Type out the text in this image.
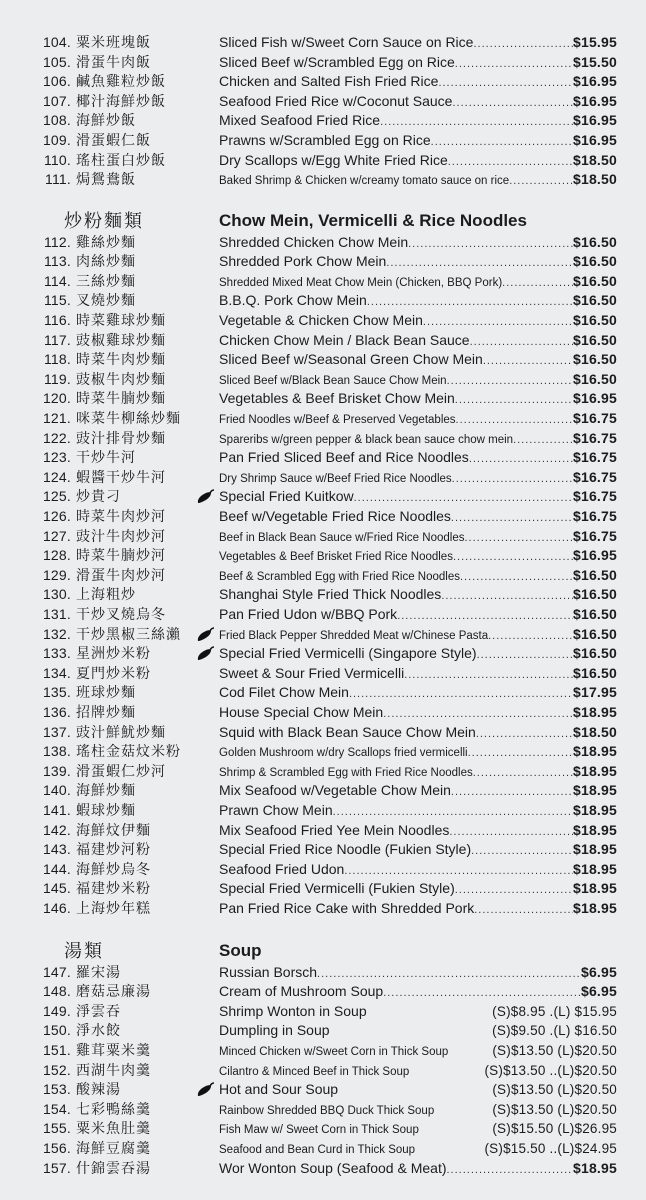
104. 粟米班塊飯	Sliced Fish w/Sweet Corn Sauce on Rice .....	$15.95
105. 滑蛋牛肉飯	Sliced Beef w/Scrambled Egg on Rice .....	$15.50
106. 鹹魚雞粒炒飯	Chicken and Salted Fish Fried Rice .....	$16.95
107. 椰汁海鮮炒飯	Seafood Fried Rice w/Coconut Sauce .....	$16.95
108. 海鮮炒飯	Mixed Seafood Fried Rice .....	$16.95
109. 滑蛋蝦仁飯	Prawns w/Scrambled Egg on Rice .....	$16.95
110. 瑤柱蛋白炒飯	Dry Scallops w/Egg White Fried Rice .....	$18.50
111. 焗鴛鴦飯	Baked Shrimp & Chicken w/creamy tomato sauce on rice .....	$18.50
炒粉麵類	Chow Mein, Vermicelli & Rice Noodles
112. 雞絲炒麵	Shredded Chicken Chow Mein .....	$16.50
113. 肉絲炒麵	Shredded Pork Chow Mein .....	$16.50
114. 三絲炒麵	Shredded Mixed Meat Chow Mein (Chicken, BBQ Pork) .....	$16.50
115. 叉燒炒麵	B.B.Q. Pork Chow Mein .....	$16.50
116. 時菜雞球炒麵	Vegetable & Chicken Chow Mein .....	$16.50
117. 豉椒雞球炒麵	Chicken Chow Mein / Black Bean Sauce .....	$16.50
118. 時菜牛肉炒麵	Sliced Beef w/Seasonal Green Chow Mein .....	$16.50
119. 豉椒牛肉炒麵	Sliced Beef w/Black Bean Sauce Chow Mein .....	$16.50
120. 時菜牛腩炒麵	Vegetables & Beef Brisket Chow Mein .....	$16.95
121. 咪菜牛柳絲炒麵	Fried Noodles w/Beef & Preserved Vegetables .....	$16.75
122. 豉汁排骨炒麵	Spareribs w/green pepper & black bean sauce chow mein .....	$16.75
123. 干炒牛河	Pan Fried Sliced Beef and Rice Noodles .....	$16.75
124. 蝦醬干炒牛河	Dry Shrimp Sauce w/Beef Fried Rice Noodles .....	$16.75
125. 炒貴刁	Special Fried Kuitkow .....	$16.75
126. 時菜牛肉炒河	Beef w/Vegetable Fried Rice Noodles .....	$16.75
127. 豉汁牛肉炒河	Beef in Black Bean Sauce w/Fried Rice Noodles .....	$16.75
128. 時菜牛腩炒河	Vegetables & Beef Brisket Fried Rice Noodles .....	$16.95
129. 滑蛋牛肉炒河	Beef & Scrambled Egg with Fried Rice Noodles .....	$16.50
130. 上海粗炒	Shanghai Style Fried Thick Noodles .....	$16.50
131. 干炒叉燒烏冬	Pan Fried Udon w/BBQ Pork .....	$16.50
132. 干炒黑椒三絲瀨	Fried Black Pepper Shredded Meat w/Chinese Pasta .....	$16.50
133. 星洲炒米粉	Special Fried Vermicelli (Singapore Style) .....	$16.50
134. 夏門炒米粉	Sweet & Sour Fried Vermicelli .....	$16.50
135. 班球炒麵	Cod Filet Chow Mein .....	$17.95
136. 招牌炒麵	House Special Chow Mein .....	$18.95
137. 豉汁鮮魷炒麵	Squid with Black Bean Sauce Chow Mein .....	$18.50
138. 瑤柱金菇炆米粉	Golden Mushroom w/dry Scallops fried vermicelli .....	$18.95
139. 滑蛋蝦仁炒河	Shrimp & Scrambled Egg with Fried Rice Noodles .....	$18.95
140. 海鮮炒麵	Mix Seafood w/Vegetable Chow Mein .....	$18.95
141. 蝦球炒麵	Prawn Chow Mein .....	$18.95
142. 海鮮炆伊麵	Mix Seafood Fried Yee Mein Noodles .....	$18.95
143. 福建炒河粉	Special Fried Rice Noodle (Fukien Style) .....	$18.95
144. 海鮮炒烏冬	Seafood Fried Udon .....	$18.95
145. 福建炒米粉	Special Fried Vermicelli (Fukien Style) .....	$18.95
146. 上海炒年糕	Pan Fried Rice Cake with Shredded Pork .....	$18.95
湯類	Soup
147. 羅宋湯	Russian Borsch .....	$6.95
148. 磨菇忌廉湯	Cream of Mushroom Soup .....	$6.95
149. 淨雲吞	Shrimp Wonton in Soup	(S)$8.95 .(L) $15.95
150. 淨水餃	Dumpling in Soup	(S)$9.50 .(L) $16.50
151. 雞茸粟米羹	Minced Chicken w/Sweet Corn in Thick Soup	(S)$13.50 (L)$20.50
152. 西湖牛肉羹	Cilantro & Minced Beef in Thick Soup	(S)$13.50 ..(L)$20.50
153. 酸辣湯	Hot and Sour Soup	(S)$13.50 (L)$20.50
154. 七彩鴨絲羹	Rainbow Shredded BBQ Duck Thick Soup	(S)$13.50 (L)$20.50
155. 粟米魚肚羹	Fish Maw w/ Sweet Corn in Thick Soup	(S)$15.50 (L)$26.95
156. 海鮮豆腐羹	Seafood and Bean Curd in Thick Soup	(S)$15.50 ..(L)$24.95
157. 什錦雲吞湯	Wor Wonton Soup (Seafood & Meat) .....	$18.95
